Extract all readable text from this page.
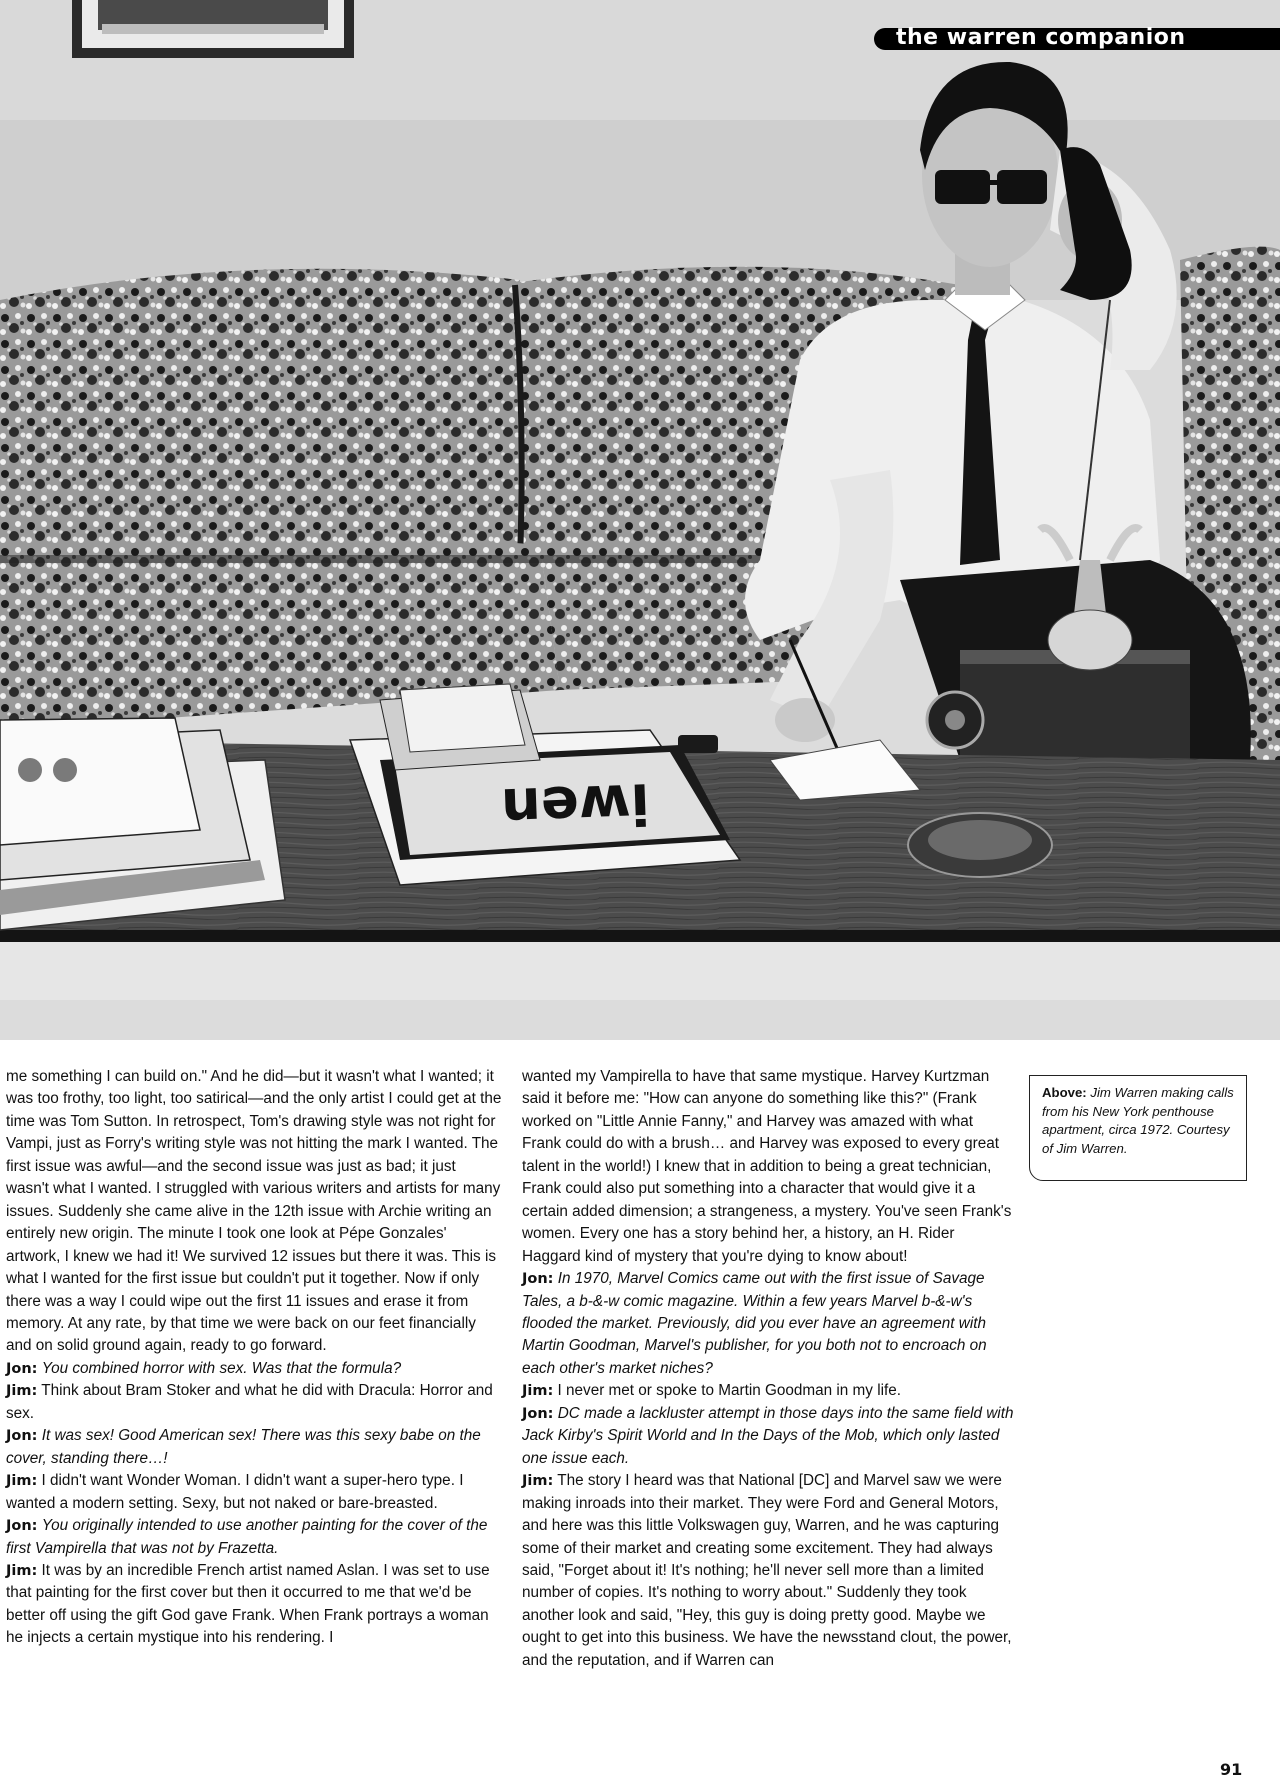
iwen
the warren companion

me something I can build on." And he did—but it wasn't what I wanted; it was too frothy, too light, too satirical—and the only artist I could get at the time was Tom Sutton. In retrospect, Tom's drawing style was not right for Vampi, just as Forry's writing style was not hitting the mark I wanted. The first issue was awful—and the second issue was just as bad; it just wasn't what I wanted. I struggled with various writers and artists for many issues. Suddenly she came alive in the 12th issue with Archie writing an entirely new origin. The minute I took one look at Pépe Gonzales' artwork, I knew we had it! We survived 12 issues but there it was. This is what I wanted for the first issue but couldn't put it together. Now if only there was a way I could wipe out the first 11 issues and erase it from memory. At any rate, by that time we were back on our feet financially and on solid ground again, ready to go forward.

Jon: You combined horror with sex. Was that the formula?

Jim: Think about Bram Stoker and what he did with Dracula: Horror and sex.

Jon: It was sex! Good American sex! There was this sexy babe on the cover, standing there…!

Jim: I didn't want Wonder Woman. I didn't want a super-hero type. I wanted a modern setting. Sexy, but not naked or bare-breasted.

Jon: You originally intended to use another painting for the cover of the first Vampirella that was not by Frazetta.

Jim: It was by an incredible French artist named Aslan. I was set to use that painting for the first cover but then it occurred to me that we'd be better off using the gift God gave Frank. When Frank portrays a woman he injects a certain mystique into his rendering. I

wanted my Vampirella to have that same mystique. Harvey Kurtzman said it before me: "How can anyone do something like this?" (Frank worked on "Little Annie Fanny," and Harvey was amazed with what Frank could do with a brush… and Harvey was exposed to every great talent in the world!) I knew that in addition to being a great technician, Frank could also put something into a character that would give it a certain added dimension; a strangeness, a mystery. You've seen Frank's women. Every one has a story behind her, a history, an H. Rider Haggard kind of mystery that you're dying to know about!

Jon: In 1970, Marvel Comics came out with the first issue of Savage Tales, a b-&-w comic magazine. Within a few years Marvel b-&-w's flooded the market. Previously, did you ever have an agreement with Martin Goodman, Marvel's publisher, for you both not to encroach on each other's market niches?

Jim: I never met or spoke to Martin Goodman in my life.

Jon: DC made a lackluster attempt in those days into the same field with Jack Kirby's Spirit World and In the Days of the Mob, which only lasted one issue each.

Jim: The story I heard was that National [DC] and Marvel saw we were making inroads into their market. They were Ford and General Motors, and here was this little Volkswagen guy, Warren, and he was capturing some of their market and creating some excitement. They had always said, "Forget about it! It's nothing; he'll never sell more than a limited number of copies. It's nothing to worry about." Suddenly they took another look and said, "Hey, this guy is doing pretty good. Maybe we ought to get into this business. We have the newsstand clout, the power, and the reputation, and if Warren can

Above: Jim Warren making calls from his New York penthouse apartment, circa 1972. Courtesy of Jim Warren.
91
